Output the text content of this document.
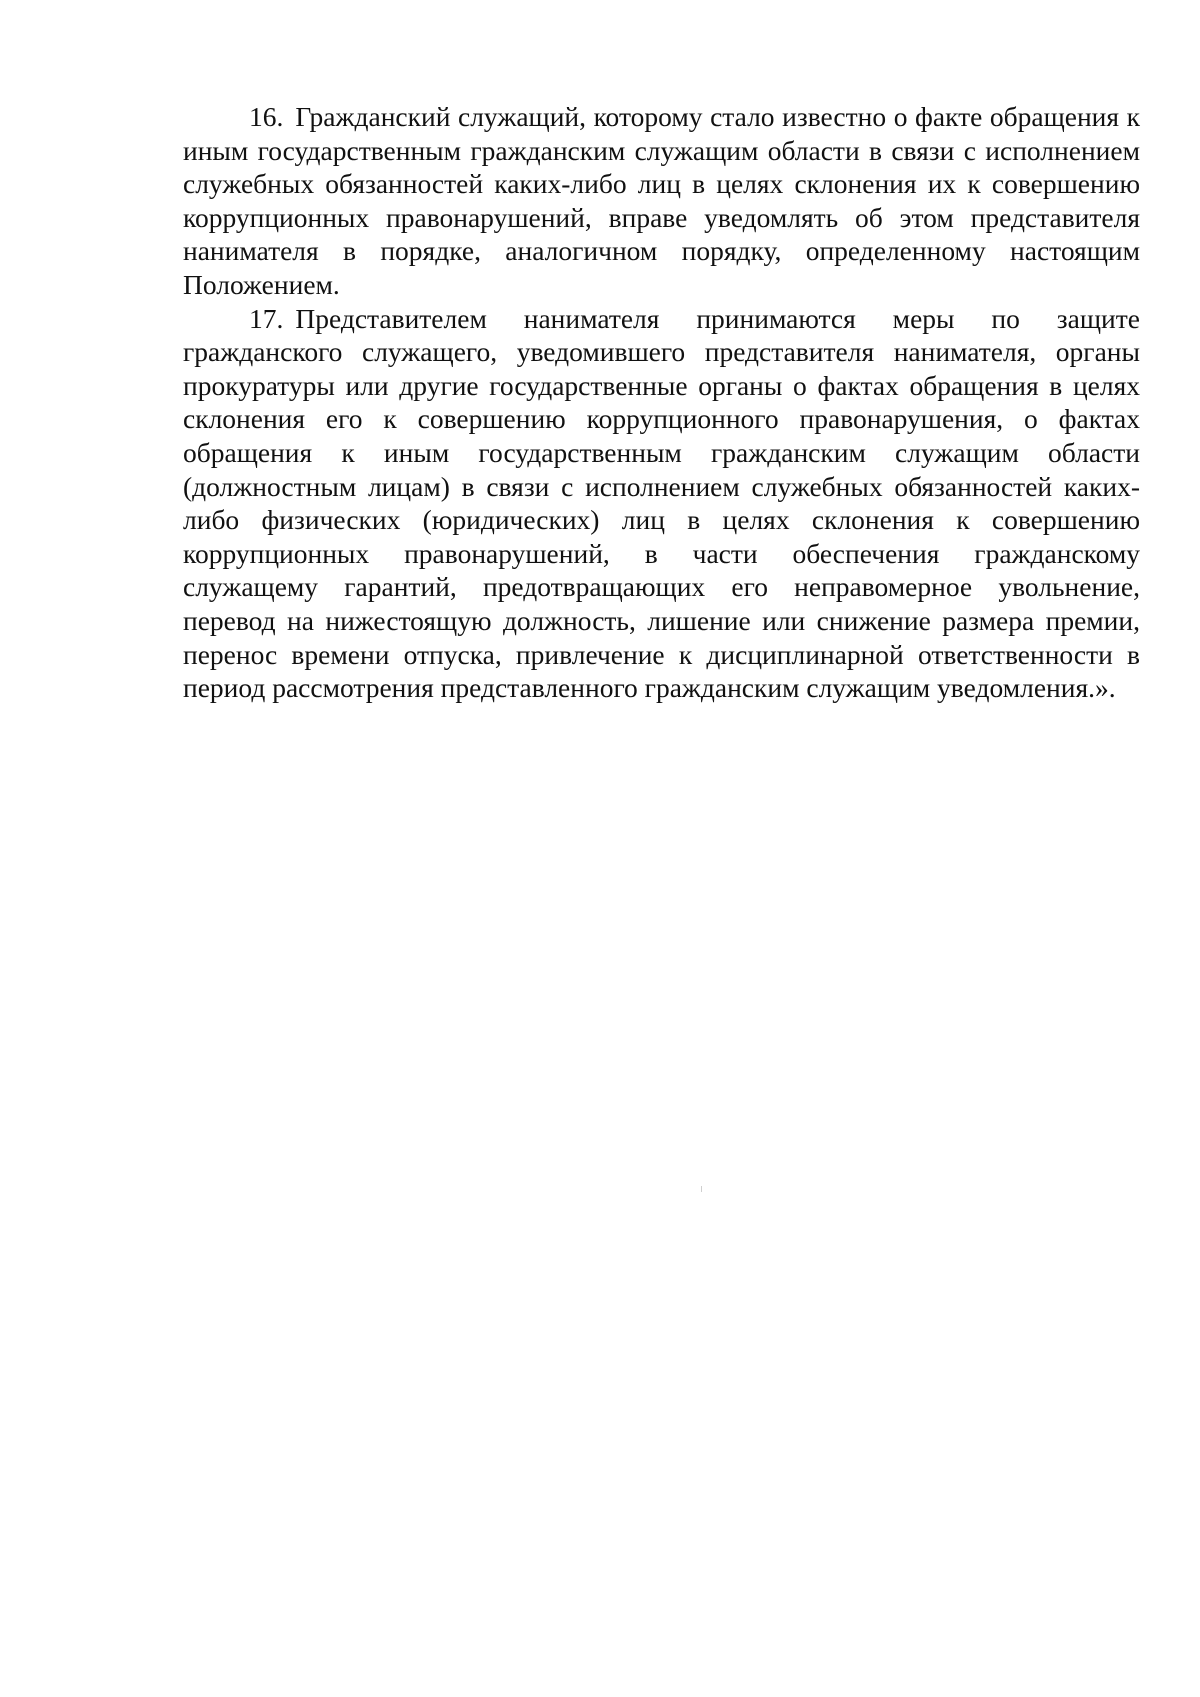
16. Гражданский служащий, которому стало известно о факте обращения к иным государственным гражданским служащим области в связи с исполнением служебных обязанностей каких-либо лиц в целях склонения их к совершению коррупционных правонарушений, вправе уведомлять об этом представителя нанимателя в порядке, аналогичном порядку, определенному настоящим Положением.

17. Представителем нанимателя принимаются меры по защите гражданского служащего, уведомившего представителя нанимателя, органы прокуратуры или другие государственные органы о фактах обращения в целях склонения его к совершению коррупционного правонарушения, о фактах обращения к иным государственным гражданским служащим области (должностным лицам) в связи с исполнением служебных обязанностей каких-либо физических (юридических) лиц в целях склонения к совершению коррупционных правонарушений, в части обеспечения гражданскому служащему гарантий, предотвращающих его неправомерное увольнение, перевод на нижестоящую должность, лишение или снижение размера премии, перенос времени отпуска, привлечение к дисциплинарной ответственности в период рассмотрения представленного гражданским служащим уведомления.».
